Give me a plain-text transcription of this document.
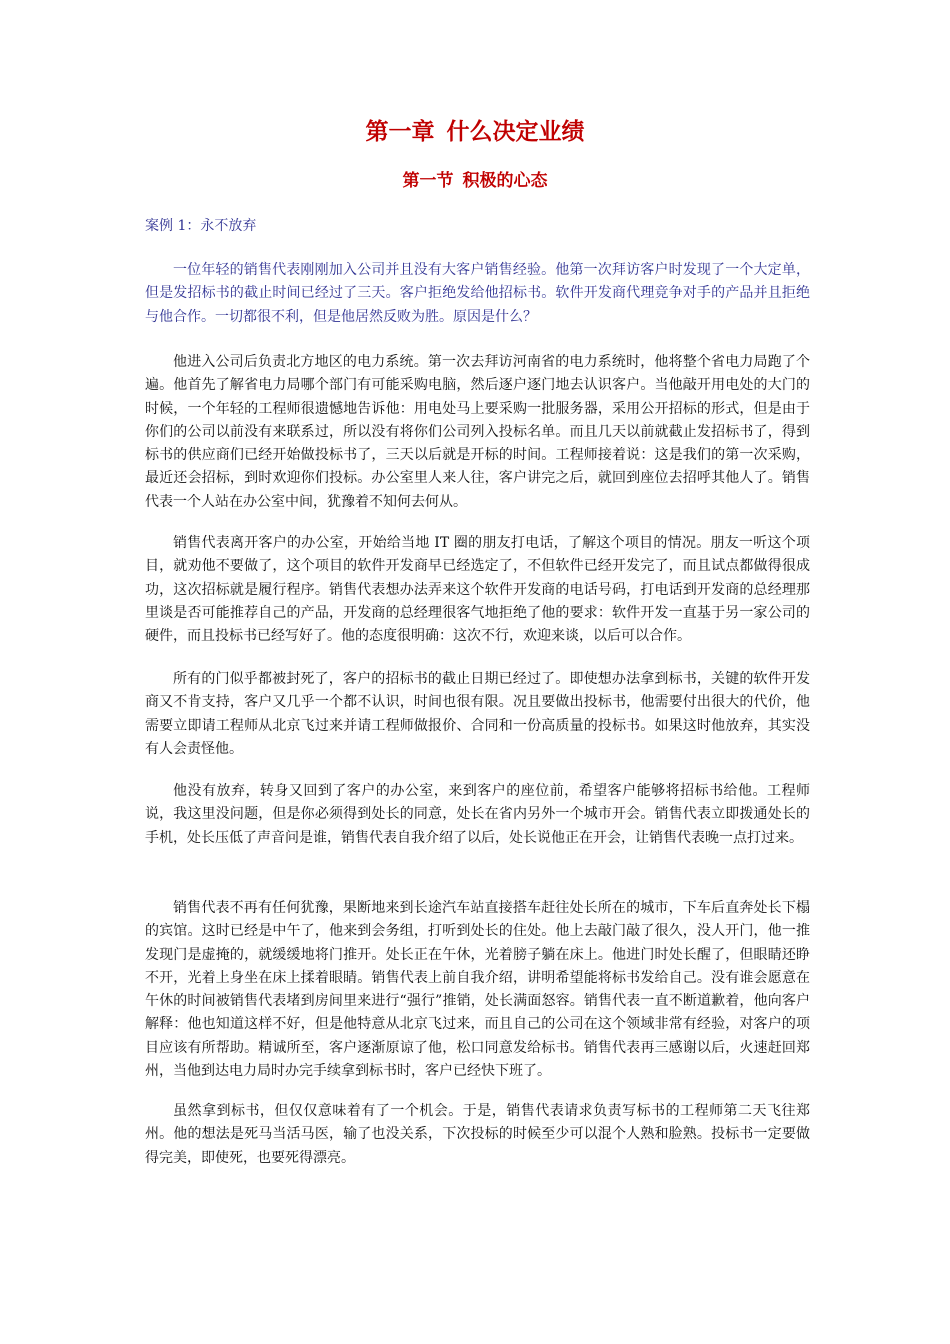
第一章 什么决定业绩
第一节 积极的心态

案例 1：永不放弃

一位年轻的销售代表刚刚加入公司并且没有大客户销售经验。他第一次拜访客户时发现了一个大定单，但是发招标书的截止时间已经过了三天。客户拒绝发给他招标书。软件开发商代理竞争对手的产品并且拒绝与他合作。一切都很不利，但是他居然反败为胜。原因是什么？

他进入公司后负责北方地区的电力系统。第一次去拜访河南省的电力系统时，他将整个省电力局跑了个遍。他首先了解省电力局哪个部门有可能采购电脑，然后逐户逐门地去认识客户。当他敲开用电处的大门的时候，一个年轻的工程师很遗憾地告诉他：用电处马上要采购一批服务器，采用公开招标的形式，但是由于你们的公司以前没有来联系过，所以没有将你们公司列入投标名单。而且几天以前就截止发招标书了，得到标书的供应商们已经开始做投标书了，三天以后就是开标的时间。工程师接着说：这是我们的第一次采购，最近还会招标，到时欢迎你们投标。办公室里人来人往，客户讲完之后，就回到座位去招呼其他人了。销售代表一个人站在办公室中间，犹豫着不知何去何从。

销售代表离开客户的办公室，开始给当地 IT 圈的朋友打电话，了解这个项目的情况。朋友一听这个项目，就劝他不要做了，这个项目的软件开发商早已经选定了，不但软件已经开发完了，而且试点都做得很成功，这次招标就是履行程序。销售代表想办法弄来这个软件开发商的电话号码，打电话到开发商的总经理那里谈是否可能推荐自己的产品，开发商的总经理很客气地拒绝了他的要求：软件开发一直基于另一家公司的硬件，而且投标书已经写好了。他的态度很明确：这次不行，欢迎来谈，以后可以合作。

所有的门似乎都被封死了，客户的招标书的截止日期已经过了。即使想办法拿到标书，关键的软件开发商又不肯支持，客户又几乎一个都不认识，时间也很有限。况且要做出投标书，他需要付出很大的代价，他需要立即请工程师从北京飞过来并请工程师做报价、合同和一份高质量的投标书。如果这时他放弃，其实没有人会责怪他。

他没有放弃，转身又回到了客户的办公室，来到客户的座位前，希望客户能够将招标书给他。工程师说，我这里没问题，但是你必须得到处长的同意，处长在省内另外一个城市开会。销售代表立即拨通处长的手机，处长压低了声音问是谁，销售代表自我介绍了以后，处长说他正在开会，让销售代表晚一点打过来。

销售代表不再有任何犹豫，果断地来到长途汽车站直接搭车赶往处长所在的城市，下车后直奔处长下榻的宾馆。这时已经是中午了，他来到会务组，打听到处长的住处。他上去敲门敲了很久，没人开门，他一推发现门是虚掩的，就缓缓地将门推开。处长正在午休，光着膀子躺在床上。他进门时处长醒了，但眼睛还睁不开，光着上身坐在床上揉着眼睛。销售代表上前自我介绍，讲明希望能将标书发给自己。没有谁会愿意在午休的时间被销售代表堵到房间里来进行“强行”推销，处长满面怒容。销售代表一直不断道歉着，他向客户解释：他也知道这样不好，但是他特意从北京飞过来，而且自己的公司在这个领域非常有经验，对客户的项目应该有所帮助。精诚所至，客户逐渐原谅了他，松口同意发给标书。销售代表再三感谢以后，火速赶回郑州，当他到达电力局时办完手续拿到标书时，客户已经快下班了。

虽然拿到标书，但仅仅意味着有了一个机会。于是，销售代表请求负责写标书的工程师第二天飞往郑州。他的想法是死马当活马医，输了也没关系，下次投标的时候至少可以混个人熟和脸熟。投标书一定要做得完美，即使死，也要死得漂亮。
